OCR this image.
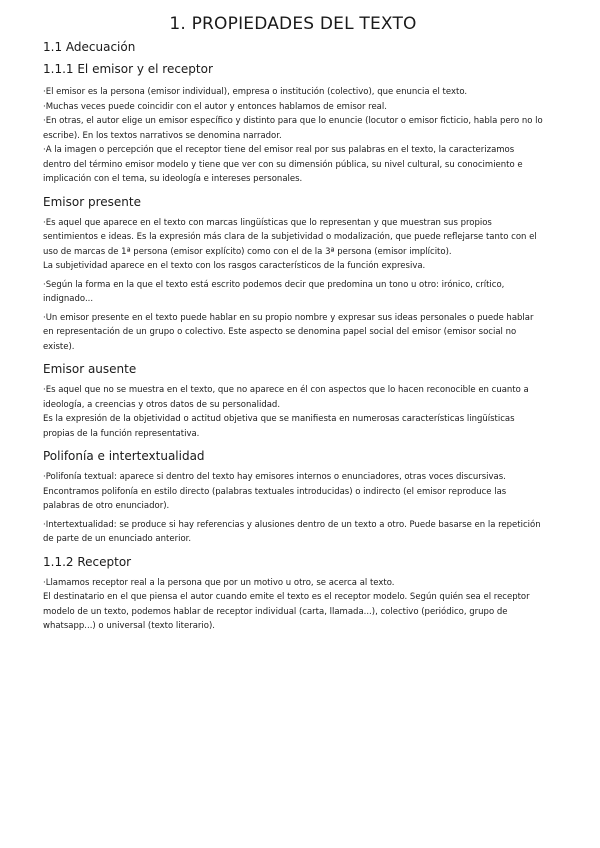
1. PROPIEDADES DEL TEXTO
1.1 Adecuación
1.1.1 El emisor y el receptor

·El emisor es la persona (emisor individual), empresa o institución (colectivo), que enuncia el texto.

·Muchas veces puede coincidir con el autor y entonces hablamos de emisor real.

·En otras, el autor elige un emisor específico y distinto para que lo enuncie (locutor o emisor ficticio, habla pero no lo escribe). En los textos narrativos se denomina narrador.

·A la imagen o percepción que el receptor tiene del emisor real por sus palabras en el texto, la caracterizamos dentro del término emisor modelo y tiene que ver con su dimensión pública, su nivel cultural, su conocimiento e implicación con el tema, su ideología e intereses personales.

Emisor presente

·Es aquel que aparece en el texto con marcas lingüísticas que lo representan y que muestran sus propios sentimientos e ideas. Es la expresión más clara de la subjetividad o modalización, que puede reflejarse tanto con el uso de marcas de 1ª persona (emisor explícito) como con el de la 3ª persona (emisor implícito).

La subjetividad aparece en el texto con los rasgos característicos de la función expresiva.

·Según la forma en la que el texto está escrito podemos decir que predomina un tono u otro: irónico, crítico, indignado...

·Un emisor presente en el texto puede hablar en su propio nombre y expresar sus ideas personales o puede hablar en representación de un grupo o colectivo. Este aspecto se denomina papel social del emisor (emisor social no existe).

Emisor ausente

·Es aquel que no se muestra en el texto, que no aparece en él con aspectos que lo hacen reconocible en cuanto a ideología, a creencias y otros datos de su personalidad.

Es la expresión de la objetividad o actitud objetiva que se manifiesta en numerosas características lingüísticas propias de la función representativa.

Polifonía e intertextualidad

·Polifonía textual: aparece si dentro del texto hay emisores internos o enunciadores, otras voces discursivas.

Encontramos polifonía en estilo directo (palabras textuales introducidas) o indirecto (el emisor reproduce las palabras de otro enunciador).

·Intertextualidad: se produce si hay referencias y alusiones dentro de un texto a otro. Puede basarse en la repetición de parte de un enunciado anterior.

1.1.2 Receptor

·Llamamos receptor real a la persona que por un motivo u otro, se acerca al texto.

El destinatario en el que piensa el autor cuando emite el texto es el receptor modelo. Según quién sea el receptor modelo de un texto, podemos hablar de receptor individual (carta, llamada...), colectivo (periódico, grupo de whatsapp...) o universal (texto literario).
